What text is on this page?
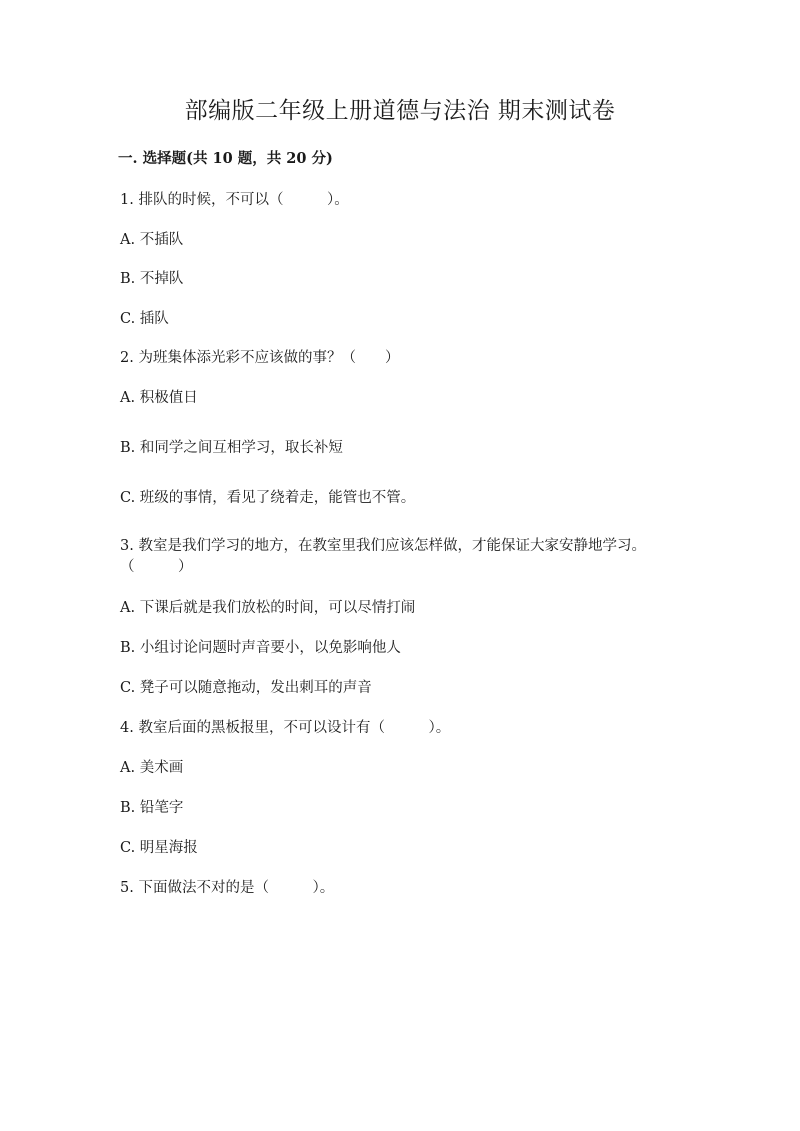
部编版二年级上册道德与法治 期末测试卷
一. 选择题(共 10 题，共 20 分)
1. 排队的时候，不可以（　　　）。
A. 不插队
B. 不掉队
C. 插队
2. 为班集体添光彩不应该做的事？（　　）
A. 积极值日
B. 和同学之间互相学习，取长补短
C. 班级的事情，看见了绕着走，能管也不管。
3. 教室是我们学习的地方，在教室里我们应该怎样做，才能保证大家安静地学习。（　　　）
A. 下课后就是我们放松的时间，可以尽情打闹
B. 小组讨论问题时声音要小，以免影响他人
C. 凳子可以随意拖动，发出刺耳的声音
4. 教室后面的黑板报里，不可以设计有（　　　）。
A. 美术画
B. 铅笔字
C. 明星海报
5. 下面做法不对的是（　　　）。
